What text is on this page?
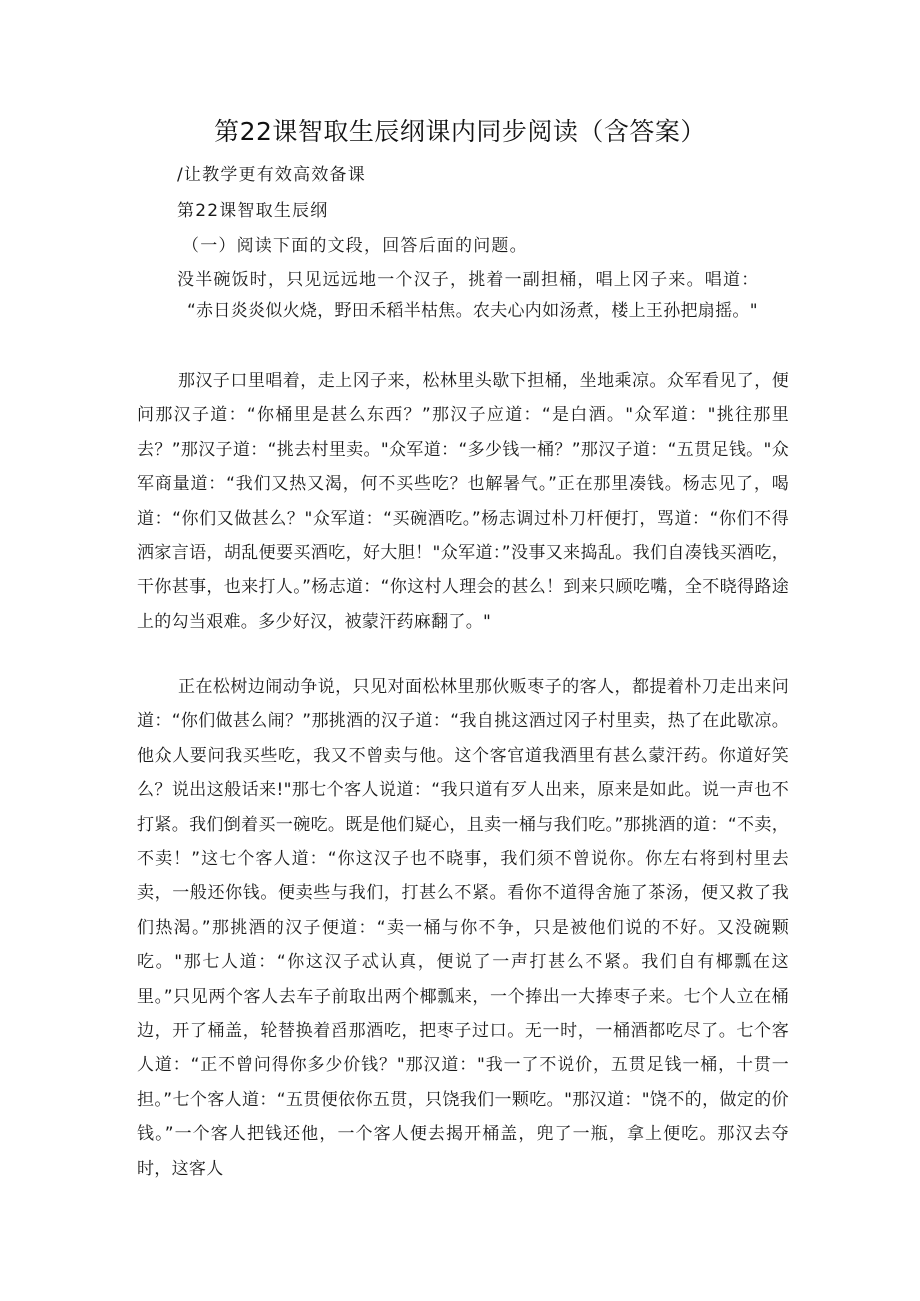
第22课智取生辰纲课内同步阅读（含答案）

/让教学更有效高效备课

第22课智取生辰纲

（一）阅读下面的文段，回答后面的问题。

没半碗饭时，只见远远地一个汉子，挑着一副担桶，唱上冈子来。唱道：

“赤日炎炎似火烧，野田禾稻半枯焦。农夫心内如汤煮，楼上王孙把扇摇。"

那汉子口里唱着，走上冈子来，松林里头歇下担桶，坐地乘凉。众军看见了，便问那汉子道：“你桶里是甚么东西？”那汉子应道：“是白酒。"众军道："挑往那里去？”那汉子道：“挑去村里卖。"众军道：“多少钱一桶？”那汉子道：“五贯足钱。"众军商量道：“我们又热又渴，何不买些吃？也解暑气。”正在那里凑钱。杨志见了，喝道：“你们又做甚么？"众军道：“买碗酒吃。”杨志调过朴刀杆便打，骂道：“你们不得洒家言语，胡乱便要买酒吃，好大胆！"众军道：”没事又来捣乱。我们自凑钱买酒吃，干你甚事，也来打人。”杨志道：“你这村人理会的甚么！到来只顾吃嘴，全不晓得路途上的勾当艰难。多少好汉，被蒙汗药麻翻了。"

正在松树边闹动争说，只见对面松林里那伙贩枣子的客人，都提着朴刀走出来问道：“你们做甚么闹？”那挑酒的汉子道：“我自挑这酒过冈子村里卖，热了在此歇凉。他众人要问我买些吃，我又不曾卖与他。这个客官道我酒里有甚么蒙汗药。你道好笑么？说出这般话来!"那七个客人说道：“我只道有歹人出来，原来是如此。说一声也不打紧。我们倒着买一碗吃。既是他们疑心，且卖一桶与我们吃。”那挑酒的道：“不卖，不卖！”这七个客人道：“你这汉子也不晓事，我们须不曾说你。你左右将到村里去卖，一般还你钱。便卖些与我们，打甚么不紧。看你不道得舍施了茶汤，便又救了我们热渴。”那挑酒的汉子便道：“卖一桶与你不争，只是被他们说的不好。又没碗颗吃。"那七人道：“你这汉子忒认真，便说了一声打甚么不紧。我们自有椰瓢在这里。”只见两个客人去车子前取出两个椰瓢来，一个捧出一大捧枣子来。七个人立在桶边，开了桶盖，轮替换着舀那酒吃，把枣子过口。无一时，一桶酒都吃尽了。七个客人道：“正不曾问得你多少价钱？"那汉道："我一了不说价，五贯足钱一桶，十贯一担。”七个客人道：“五贯便依你五贯，只饶我们一颗吃。"那汉道："饶不的，做定的价钱。”一个客人把钱还他，一个客人便去揭开桶盖，兜了一瓶，拿上便吃。那汉去夺时，这客人
